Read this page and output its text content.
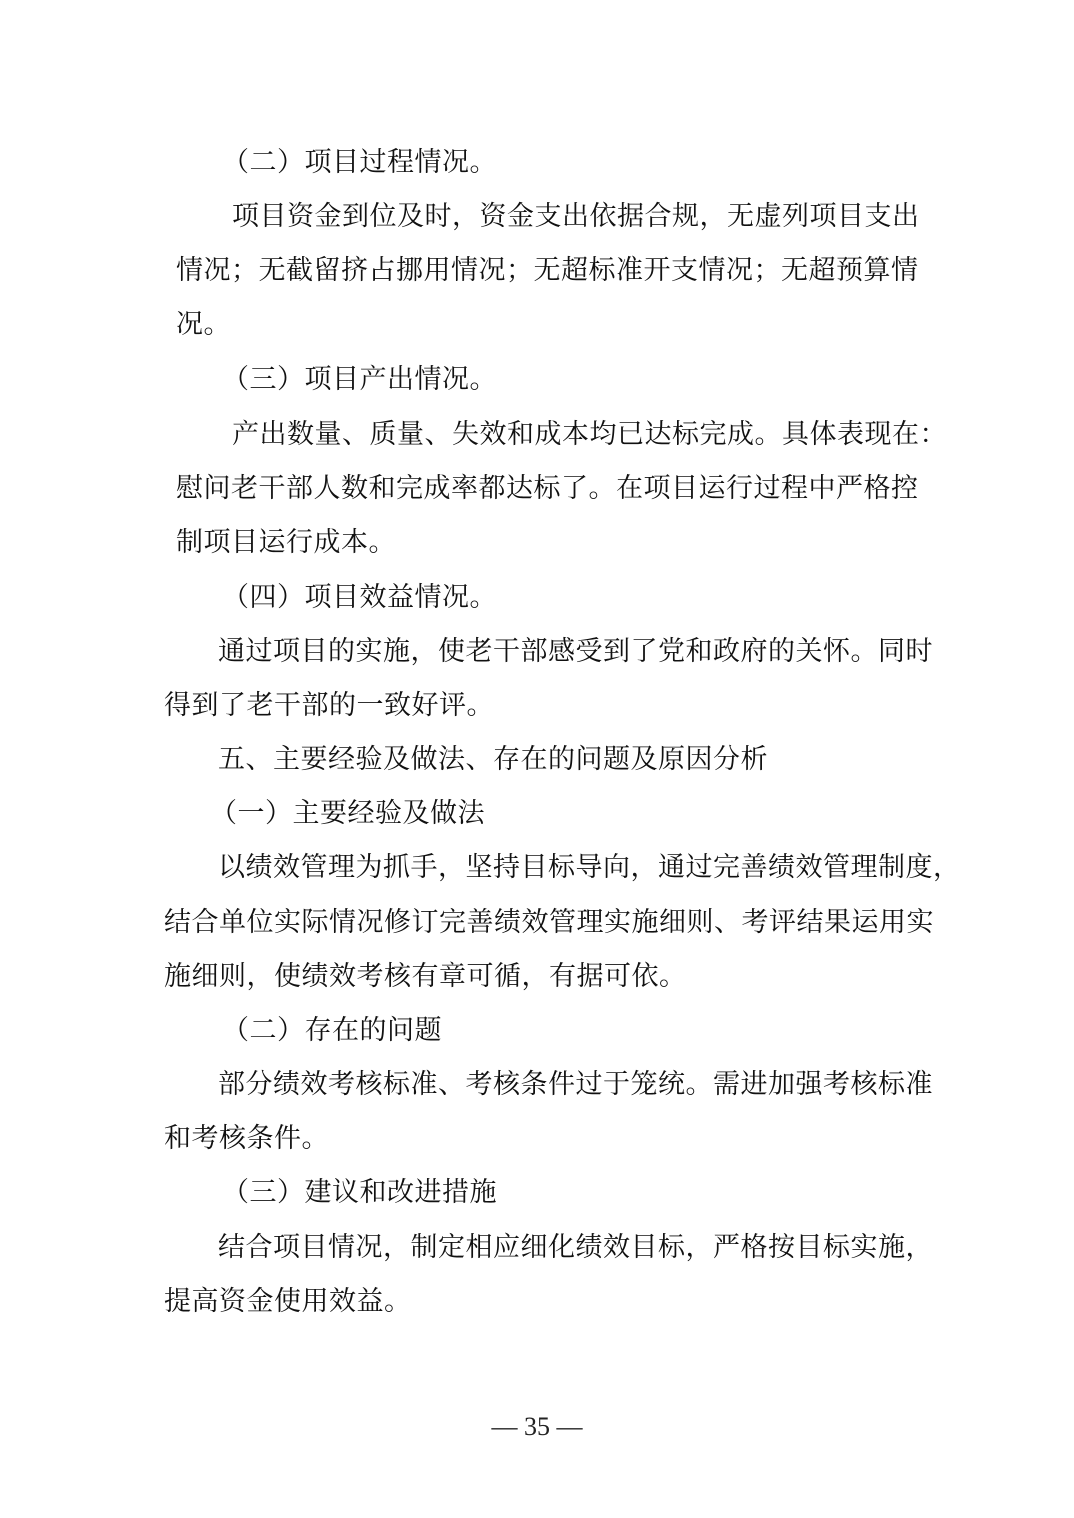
（二）项目过程情况。
项目资金到位及时，资金支出依据合规，无虚列项目支出
情况；无截留挤占挪用情况；无超标准开支情况；无超预算情
况。
（三）项目产出情况。
产出数量、质量、失效和成本均已达标完成。具体表现在：
慰问老干部人数和完成率都达标了。在项目运行过程中严格控
制项目运行成本。
（四）项目效益情况。
通过项目的实施，使老干部感受到了党和政府的关怀。同时
得到了老干部的一致好评。
五、主要经验及做法、存在的问题及原因分析
（一）主要经验及做法
以绩效管理为抓手，坚持目标导向，通过完善绩效管理制度，
结合单位实际情况修订完善绩效管理实施细则、考评结果运用实
施细则，使绩效考核有章可循，有据可依。
（二）存在的问题
部分绩效考核标准、考核条件过于笼统。需进加强考核标准
和考核条件。
（三）建议和改进措施
结合项目情况，制定相应细化绩效目标，严格按目标实施，
提高资金使用效益。
— 35 —
